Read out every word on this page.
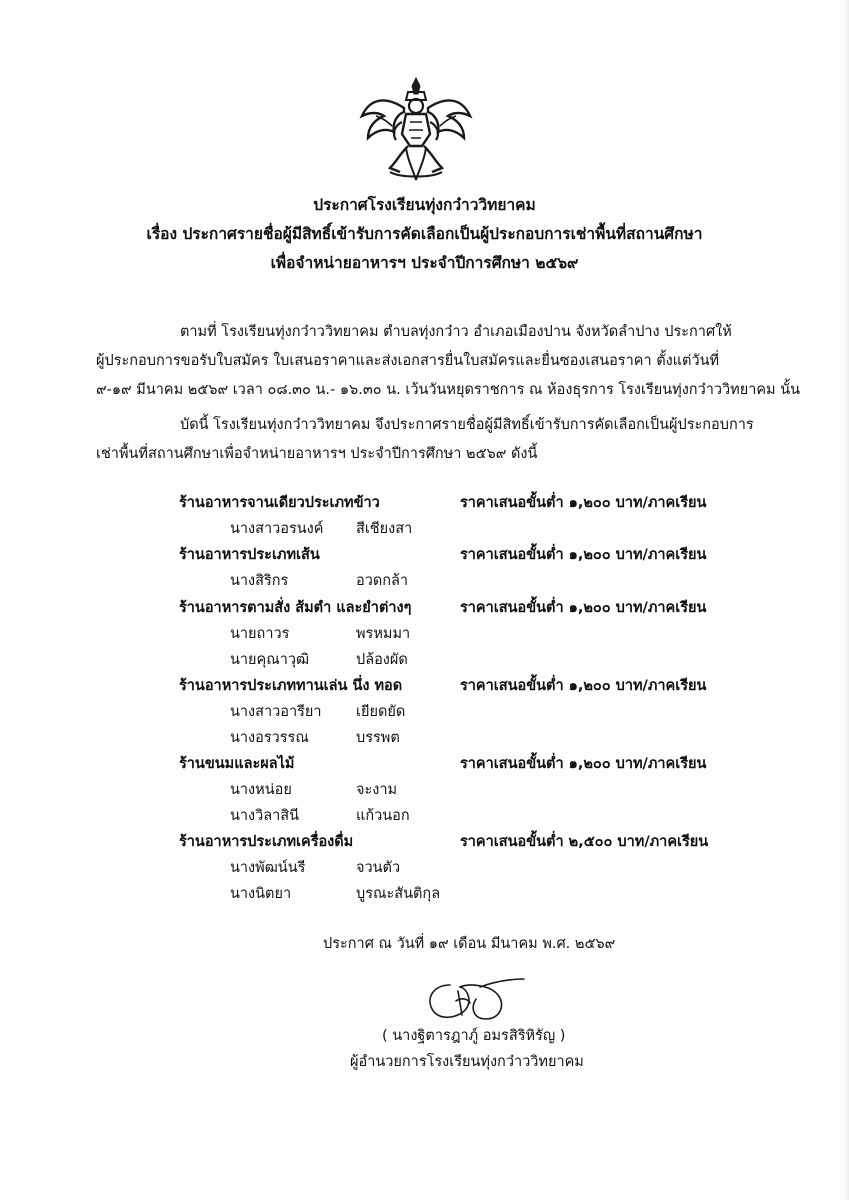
ประกาศโรงเรียนทุ่งกว๋าววิทยาคม
เรื่อง ประกาศรายชื่อผู้มีสิทธิ์เข้ารับการคัดเลือกเป็นผู้ประกอบการเช่าพื้นที่สถานศึกษา
เพื่อจำหน่ายอาหารฯ ประจำปีการศึกษา ๒๕๖๙
ตามที่ โรงเรียนทุ่งกว๋าววิทยาคม ตำบลทุ่งกว๋าว อำเภอเมืองปาน จังหวัดลำปาง ประกาศให้
ผู้ประกอบการขอรับใบสมัคร ใบเสนอราคาและส่งเอกสารยื่นใบสมัครและยื่นซองเสนอราคา ตั้งแต่วันที่
๙-๑๙ มีนาคม ๒๕๖๙ เวลา ๐๘.๓๐ น.- ๑๖.๓๐ น. เว้นวันหยุดราชการ ณ ห้องธุรการ โรงเรียนทุ่งกว๋าววิทยาคม นั้น
บัดนี้ โรงเรียนทุ่งกว๋าววิทยาคม จึงประกาศรายชื่อผู้มีสิทธิ์เข้ารับการคัดเลือกเป็นผู้ประกอบการ
เช่าพื้นที่สถานศึกษาเพื่อจำหน่ายอาหารฯ ประจำปีการศึกษา ๒๕๖๙ ดังนี้
ร้านอาหารจานเดียวประเภทข้าว	ราคาเสนอขั้นต่ำ ๑,๒๐๐ บาท/ภาคเรียน
นางสาวอรนงค์ สีเชียงสา
ร้านอาหารประเภทเส้น	ราคาเสนอขั้นต่ำ ๑,๒๐๐ บาท/ภาคเรียน
นางสิริกร	อวดกล้า
ร้านอาหารตามสั่ง ส้มตำ และยำต่างๆ	ราคาเสนอขั้นต่ำ ๑,๒๐๐ บาท/ภาคเรียน
นายถาวร	พรหมมา
นายคุณาวุฒิ	ปล้องผัด
ร้านอาหารประเภททานเล่น นึ่ง ทอด	ราคาเสนอขั้นต่ำ ๑,๒๐๐ บาท/ภาคเรียน
นางสาวอารียา เยียดยัด
นางอรวรรณ	บรรพต
ร้านขนมและผลไม้	ราคาเสนอขั้นต่ำ ๑,๒๐๐ บาท/ภาคเรียน
นางหน่อย	จะงาม
นางวิลาสินี	แก้วนอก
ร้านอาหารประเภทเครื่องดื่ม	ราคาเสนอขั้นต่ำ ๒,๕๐๐ บาท/ภาคเรียน
นางพัฒน์นรี	จวนตัว
นางนิตยา	บูรณะสันติกุล
ประกาศ ณ วันที่ ๑๙ เดือน มีนาคม พ.ศ. ๒๕๖๙
( นางฐิตารฎาภู์ อมรสิริหิรัญ )
ผู้อำนวยการโรงเรียนทุ่งกว๋าววิทยาคม
